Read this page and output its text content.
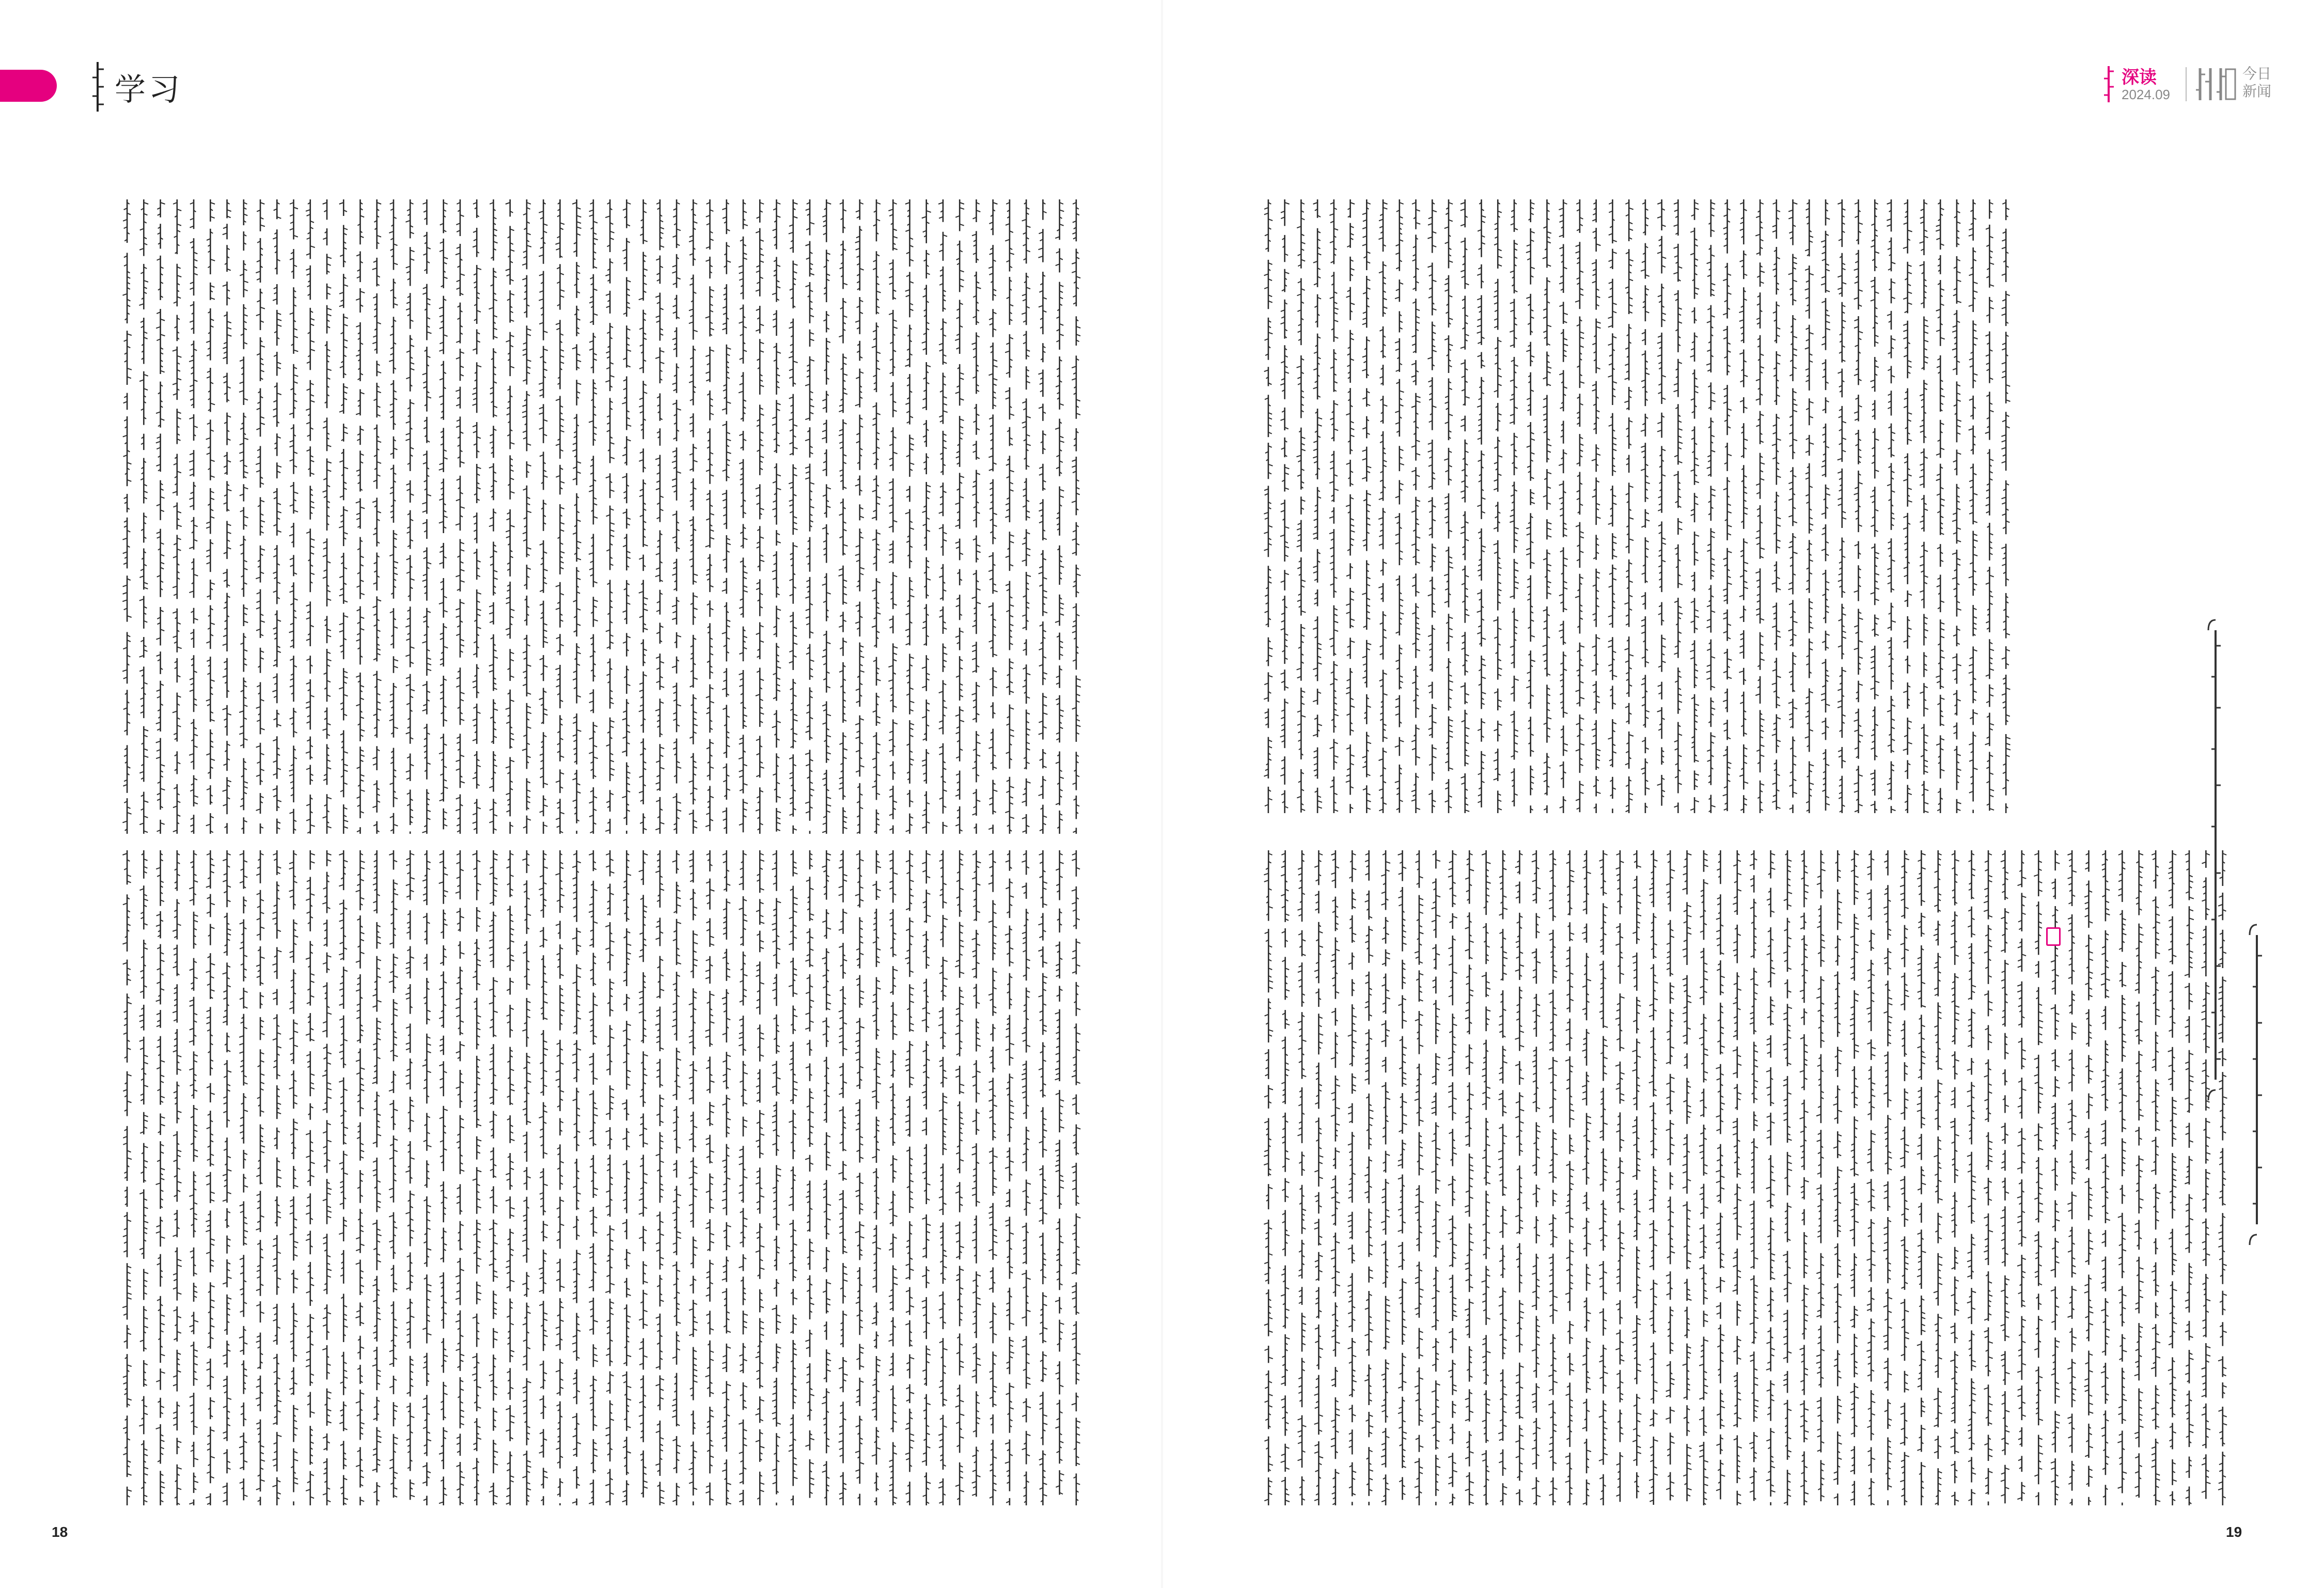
学习	深读
2024.09
今日
新闻
18	19
